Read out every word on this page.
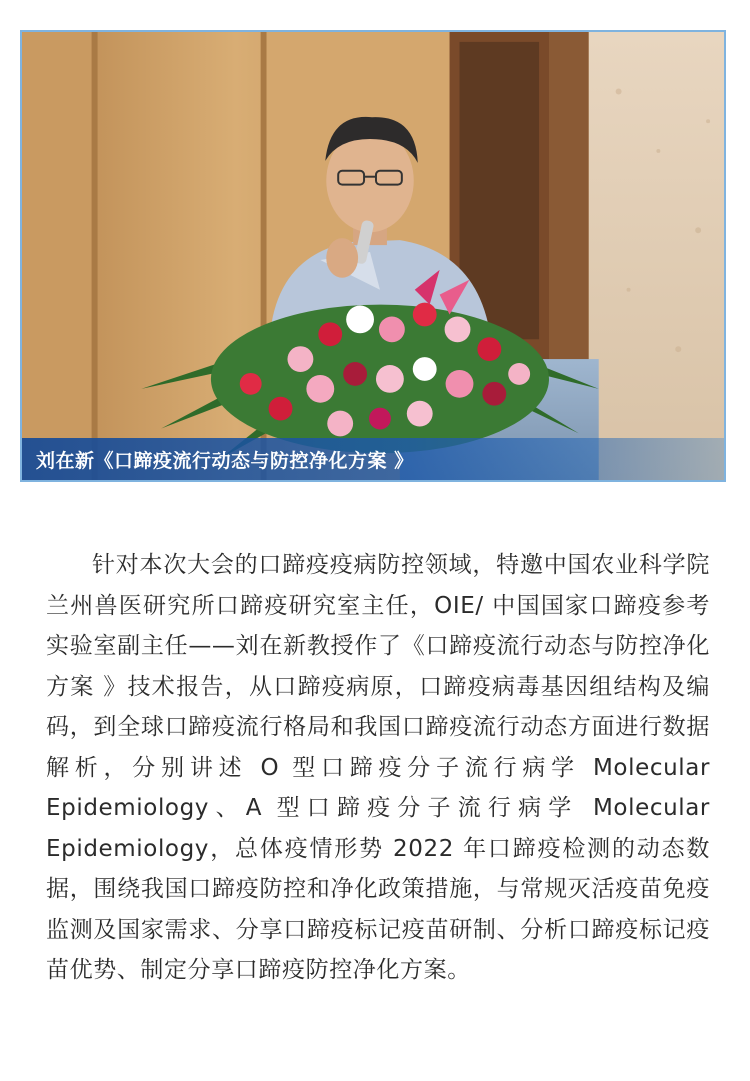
刘在新《口蹄疫流行动态与防控净化方案 》

针对本次大会的口蹄疫疫病防控领域，特邀中国农业科学院兰州兽医研究所口蹄疫研究室主任，OIE/ 中国国家口蹄疫参考实验室副主任——刘在新教授作了《口蹄疫流行动态与防控净化方案 》技术报告，从口蹄疫病原，口蹄疫病毒基因组结构及编码，到全球口蹄疫流行格局和我国口蹄疫流行动态方面进行数据解析，分别讲述 O 型口蹄疫分子流行病学 Molecular Epidemiology、A 型口蹄疫分子流行病学 Molecular Epidemiology，总体疫情形势 2022 年口蹄疫检测的动态数据，围绕我国口蹄疫防控和净化政策措施，与常规灭活疫苗免疫监测及国家需求、分享口蹄疫标记疫苗研制、分析口蹄疫标记疫苗优势、制定分享口蹄疫防控净化方案。
